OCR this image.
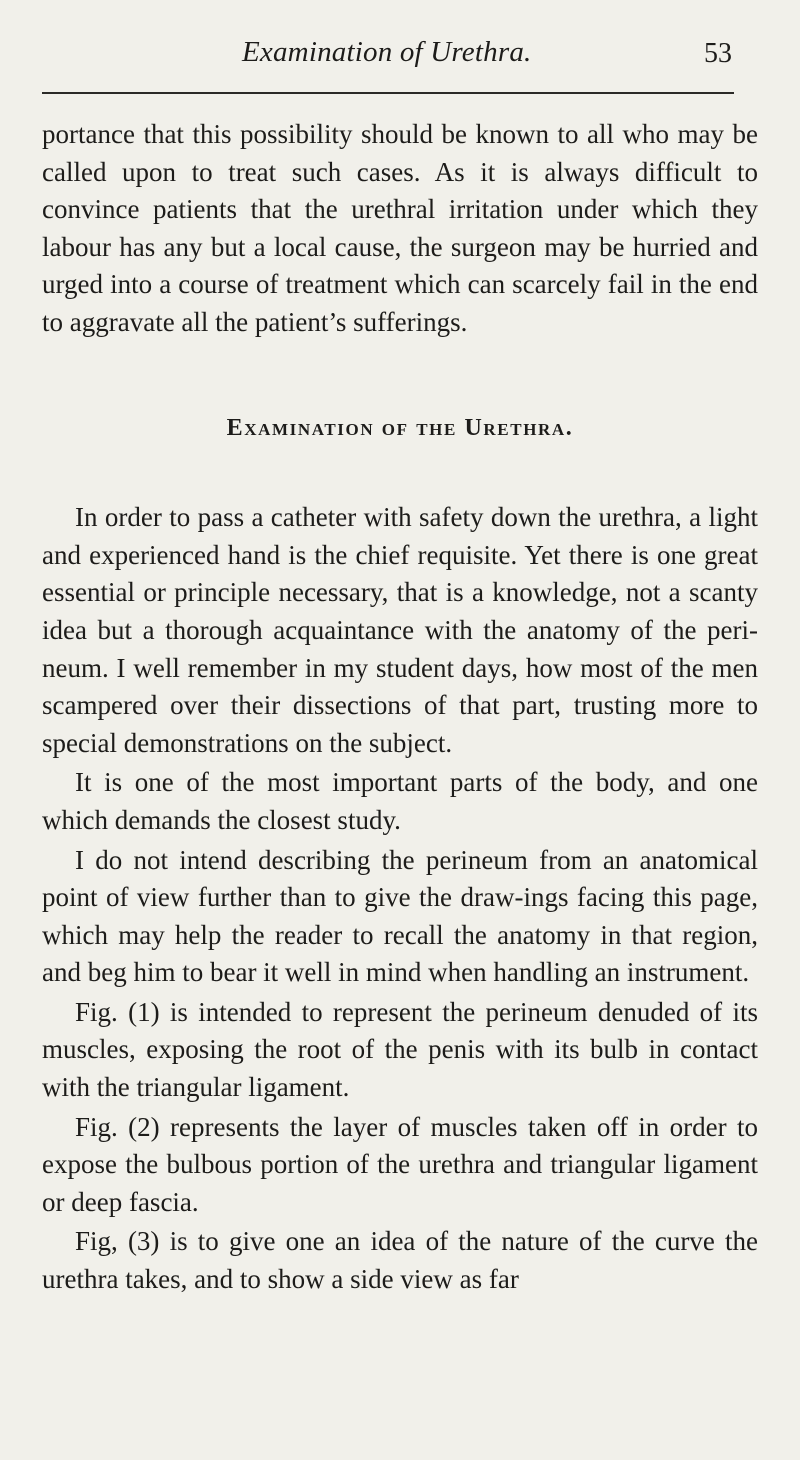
Examination of Urethra.	53

portance that this possibility should be known to all who may be called upon to treat such cases. As it is always difficult to convince patients that the urethral irritation under which they labour has any but a local cause, the surgeon may be hurried and urged into a course of treatment which can scarcely fail in the end to aggravate all the patient’s sufferings.

Examination of the Urethra.

In order to pass a catheter with safety down the urethra, a light and experienced hand is the chief requisite. Yet there is one great essential or principle necessary, that is a knowledge, not a scanty idea but a thorough acquaintance with the anatomy of the peri-neum. I well remember in my student days, how most of the men scampered over their dissections of that part, trusting more to special demonstrations on the subject.

It is one of the most important parts of the body, and one which demands the closest study.

I do not intend describing the perineum from an anatomical point of view further than to give the draw-ings facing this page, which may help the reader to recall the anatomy in that region, and beg him to bear it well in mind when handling an instrument.

Fig. (1) is intended to represent the perineum denuded of its muscles, exposing the root of the penis with its bulb in contact with the triangular ligament.

Fig. (2) represents the layer of muscles taken off in order to expose the bulbous portion of the urethra and triangular ligament or deep fascia.

Fig, (3) is to give one an idea of the nature of the curve the urethra takes, and to show a side view as far
